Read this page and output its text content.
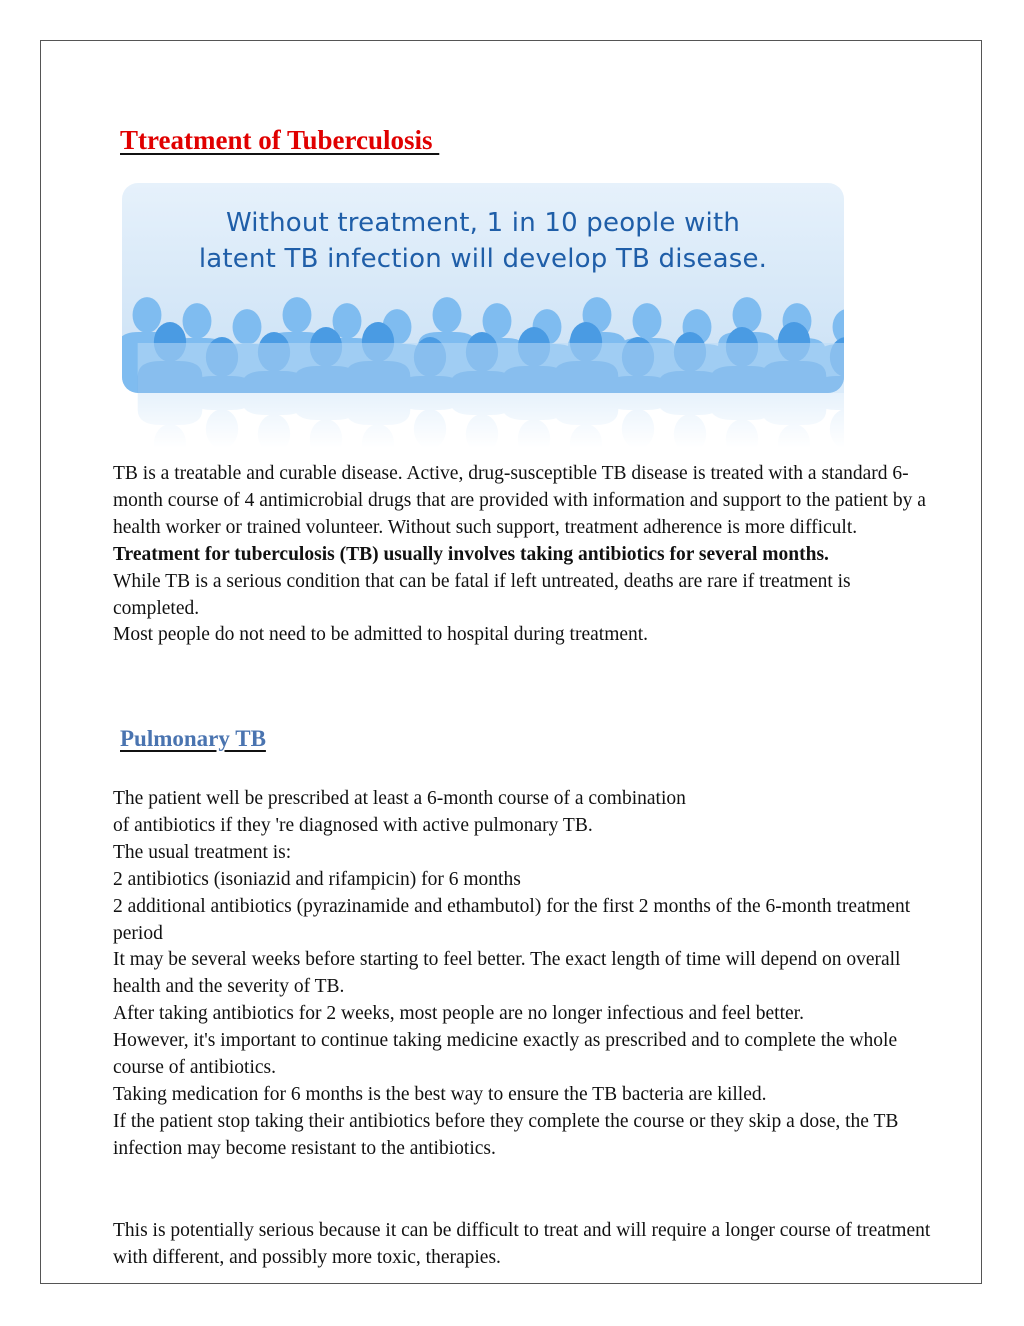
Ttreatment of Tuberculosis
Without treatment, 1 in 10 people with
latent TB infection will develop TB disease.

TB is a treatable and curable disease. Active, drug-susceptible TB disease is treated with a standard 6-month course of 4 antimicrobial drugs that are provided with information and support to the patient by a health worker or trained volunteer. Without such support, treatment adherence is more difficult.

Treatment for tuberculosis (TB) usually involves taking antibiotics for several months.

While TB is a serious condition that can be fatal if left untreated, deaths are rare if treatment is completed.

Most people do not need to be admitted to hospital during treatment.

Pulmonary TB

The patient well be prescribed at least a 6-month course of a combination

of antibiotics if they 're diagnosed with active pulmonary TB.

The usual treatment is:

2 antibiotics (isoniazid and rifampicin) for 6 months

2 additional antibiotics (pyrazinamide and ethambutol) for the first 2 months of the 6-month treatment period

It may be several weeks before starting to feel better. The exact length of time will depend on overall health and the severity of TB.

After taking antibiotics for 2 weeks, most people are no longer infectious and feel better.

However, it's important to continue taking medicine exactly as prescribed and to complete the whole course of antibiotics.

Taking medication for 6 months is the best way to ensure the TB bacteria are killed.

If the patient stop taking their antibiotics before they complete the course or they skip a dose, the TB infection may become resistant to the antibiotics.

This is potentially serious because it can be difficult to treat and will require a longer course of treatment with different, and possibly more toxic, therapies.
